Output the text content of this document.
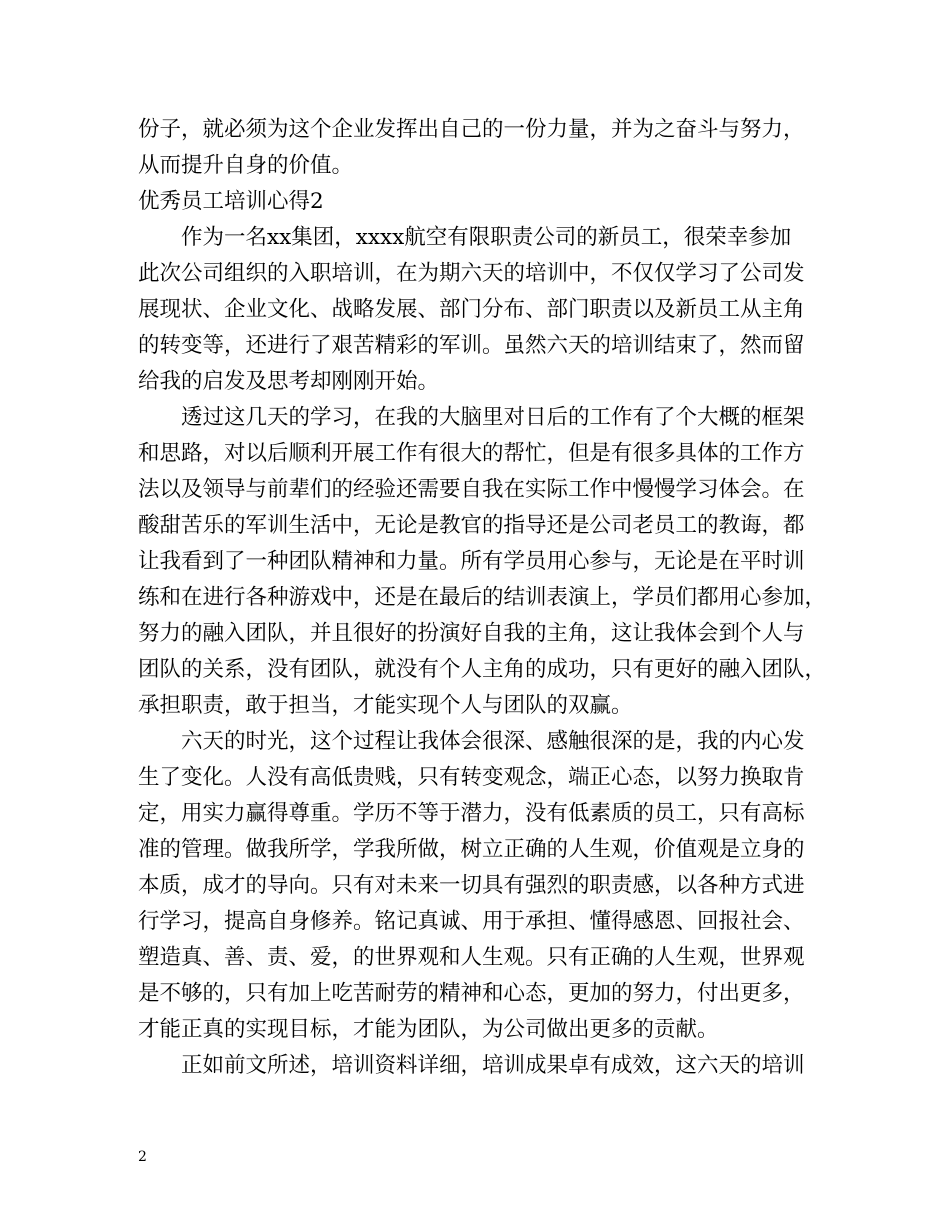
份子，就必须为这个企业发挥出自己的一份力量，并为之奋斗与努力，
从而提升自身的价值。
优秀员工培训心得2
　　作为一名xx集团，xxxx航空有限职责公司的新员工，很荣幸参加
此次公司组织的入职培训，在为期六天的培训中，不仅仅学习了公司发
展现状、企业文化、战略发展、部门分布、部门职责以及新员工从主角
的转变等，还进行了艰苦精彩的军训。虽然六天的培训结束了，然而留
给我的启发及思考却刚刚开始。
　　透过这几天的学习，在我的大脑里对日后的工作有了个大概的框架
和思路，对以后顺利开展工作有很大的帮忙，但是有很多具体的工作方
法以及领导与前辈们的经验还需要自我在实际工作中慢慢学习体会。在
酸甜苦乐的军训生活中，无论是教官的指导还是公司老员工的教诲，都
让我看到了一种团队精神和力量。所有学员用心参与，无论是在平时训
练和在进行各种游戏中，还是在最后的结训表演上，学员们都用心参加，
努力的融入团队，并且很好的扮演好自我的主角，这让我体会到个人与
团队的关系，没有团队，就没有个人主角的成功，只有更好的融入团队，
承担职责，敢于担当，才能实现个人与团队的双赢。
　　六天的时光，这个过程让我体会很深、感触很深的是，我的内心发
生了变化。人没有高低贵贱，只有转变观念，端正心态，以努力换取肯
定，用实力赢得尊重。学历不等于潜力，没有低素质的员工，只有高标
准的管理。做我所学，学我所做，树立正确的人生观，价值观是立身的
本质，成才的导向。只有对未来一切具有强烈的职责感，以各种方式进
行学习，提高自身修养。铭记真诚、用于承担、懂得感恩、回报社会、
塑造真、善、责、爱，的世界观和人生观。只有正确的人生观，世界观
是不够的，只有加上吃苦耐劳的精神和心态，更加的努力，付出更多，
才能正真的实现目标，才能为团队，为公司做出更多的贡献。
　　正如前文所述，培训资料详细，培训成果卓有成效，这六天的培训
2
